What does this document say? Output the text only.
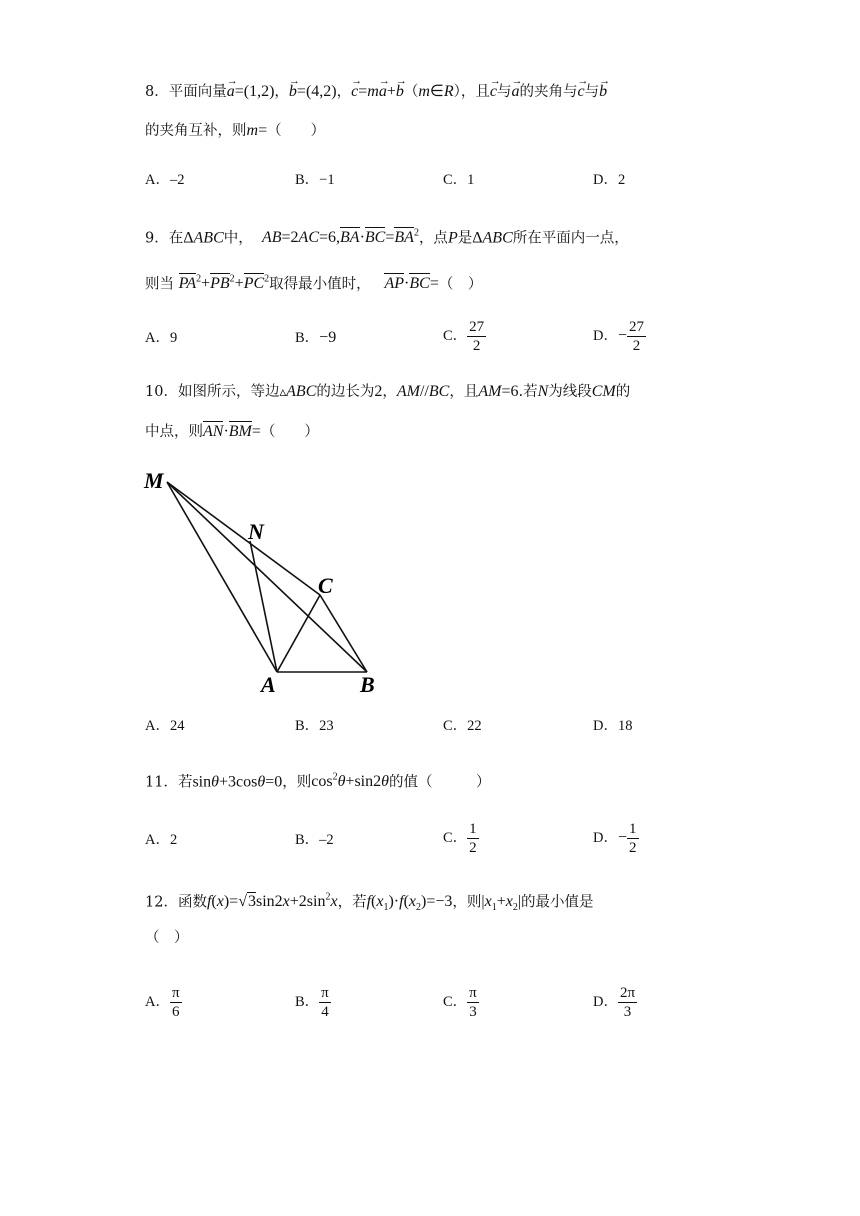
8．平面向量→ a=(1,2)，→ b=(4,2)，→ c=m→ a+→ b（m∈R），且→ c与→ a的夹角与→ c与→ b
的夹角互补，则m=（　　）
A．–2	B．−1	C．1	D．2
9．在ΔABC中， $AB=2AC=6,BA\cdot BC=BA^2$，点P是ΔABC所在平面内一点，
则当 $PA^2+PB^2+PC^2$取得最小值时， AP·BC=（　）
A．9	B．−9	C． $\frac{27}{2}$	D．− $\frac{27}{2}$
10．如图所示，等边▵ABC的边长为2，AM//BC，且AM=6.若N为线段CM的
中点，则AN·BM=（　　）
M
N
C
A	B
A．24	B．23	C．22	D．18
11．若sinθ+3cosθ=0，则$\cos^2\theta+\sin 2\theta$的值（　　　）
A．2	B．–2	C． $\frac{1}{2}$	D．− $\frac{1}{2}$
12．函数$f(x)=√3\sin 2x+2\sin^2x$，若$f(x_1)\cdot f(x_2)=-3$，则$|x_1+x_2|$的最小值是
（　）
A． $\frac{\pi}{6}$	B． $\frac{\pi}{4}$	C． $\frac{\pi}{3}$	D． $\frac{2\pi}{3}$
